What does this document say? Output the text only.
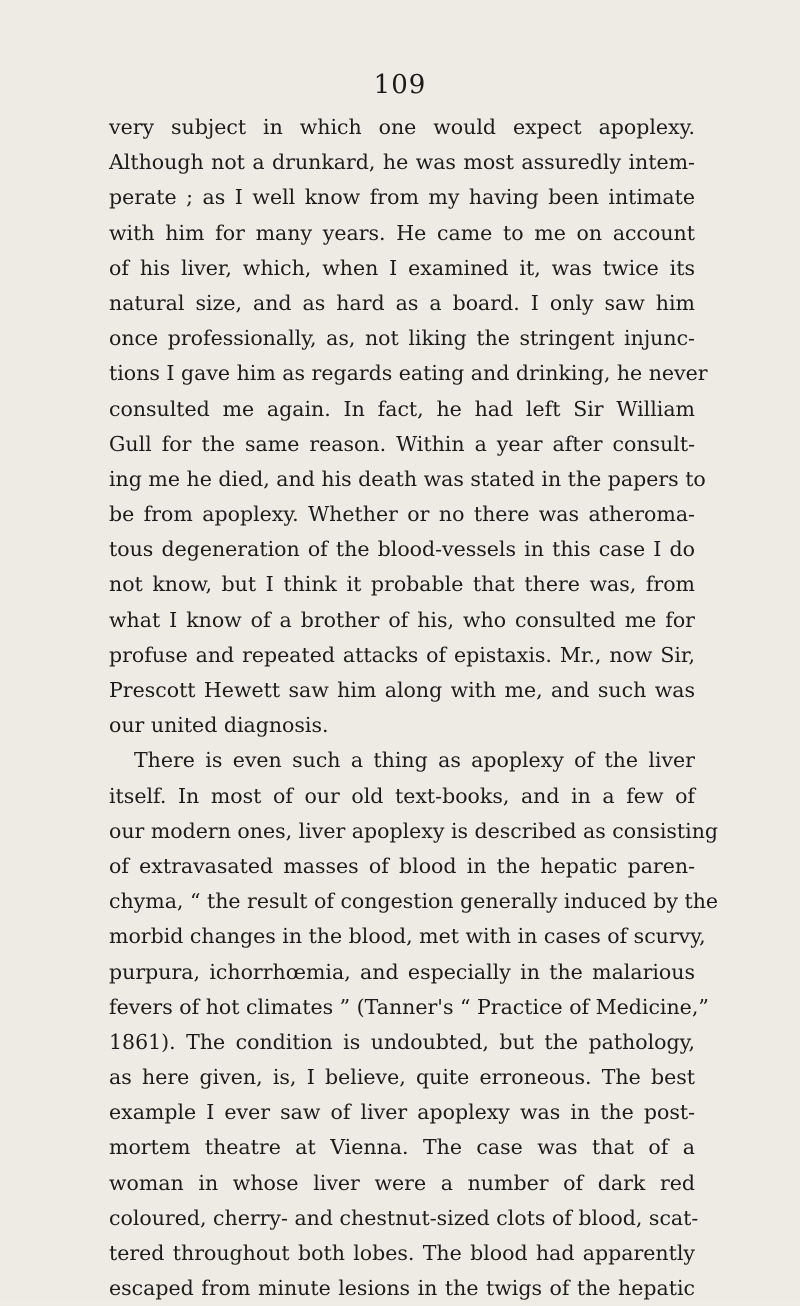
109
very subject in which one would expect apoplexy.
Although not a drunkard, he was most assuredly intem-
perate ; as I well know from my having been intimate
with him for many years. He came to me on account
of his liver, which, when I examined it, was twice its
natural size, and as hard as a board. I only saw him
once professionally, as, not liking the stringent injunc-
tions I gave him as regards eating and drinking, he never
consulted me again. In fact, he had left Sir William
Gull for the same reason. Within a year after consult-
ing me he died, and his death was stated in the papers to
be from apoplexy. Whether or no there was atheroma-
tous degeneration of the blood-vessels in this case I do
not know, but I think it probable that there was, from
what I know of a brother of his, who consulted me for
profuse and repeated attacks of epistaxis. Mr., now Sir,
Prescott Hewett saw him along with me, and such was
our united diagnosis.
There is even such a thing as apoplexy of the liver
itself. In most of our old text-books, and in a few of
our modern ones, liver apoplexy is described as consisting
of extravasated masses of blood in the hepatic paren-
chyma, “ the result of congestion generally induced by the
morbid changes in the blood, met with in cases of scurvy,
purpura, ichorrhœmia, and especially in the malarious
fevers of hot climates ” (Tanner's “ Practice of Medicine,”
1861). The condition is undoubted, but the pathology,
as here given, is, I believe, quite erroneous. The best
example I ever saw of liver apoplexy was in the post-
mortem theatre at Vienna. The case was that of a
woman in whose liver were a number of dark red
coloured, cherry- and chestnut-sized clots of blood, scat-
tered throughout both lobes. The blood had apparently
escaped from minute lesions in the twigs of the hepatic
